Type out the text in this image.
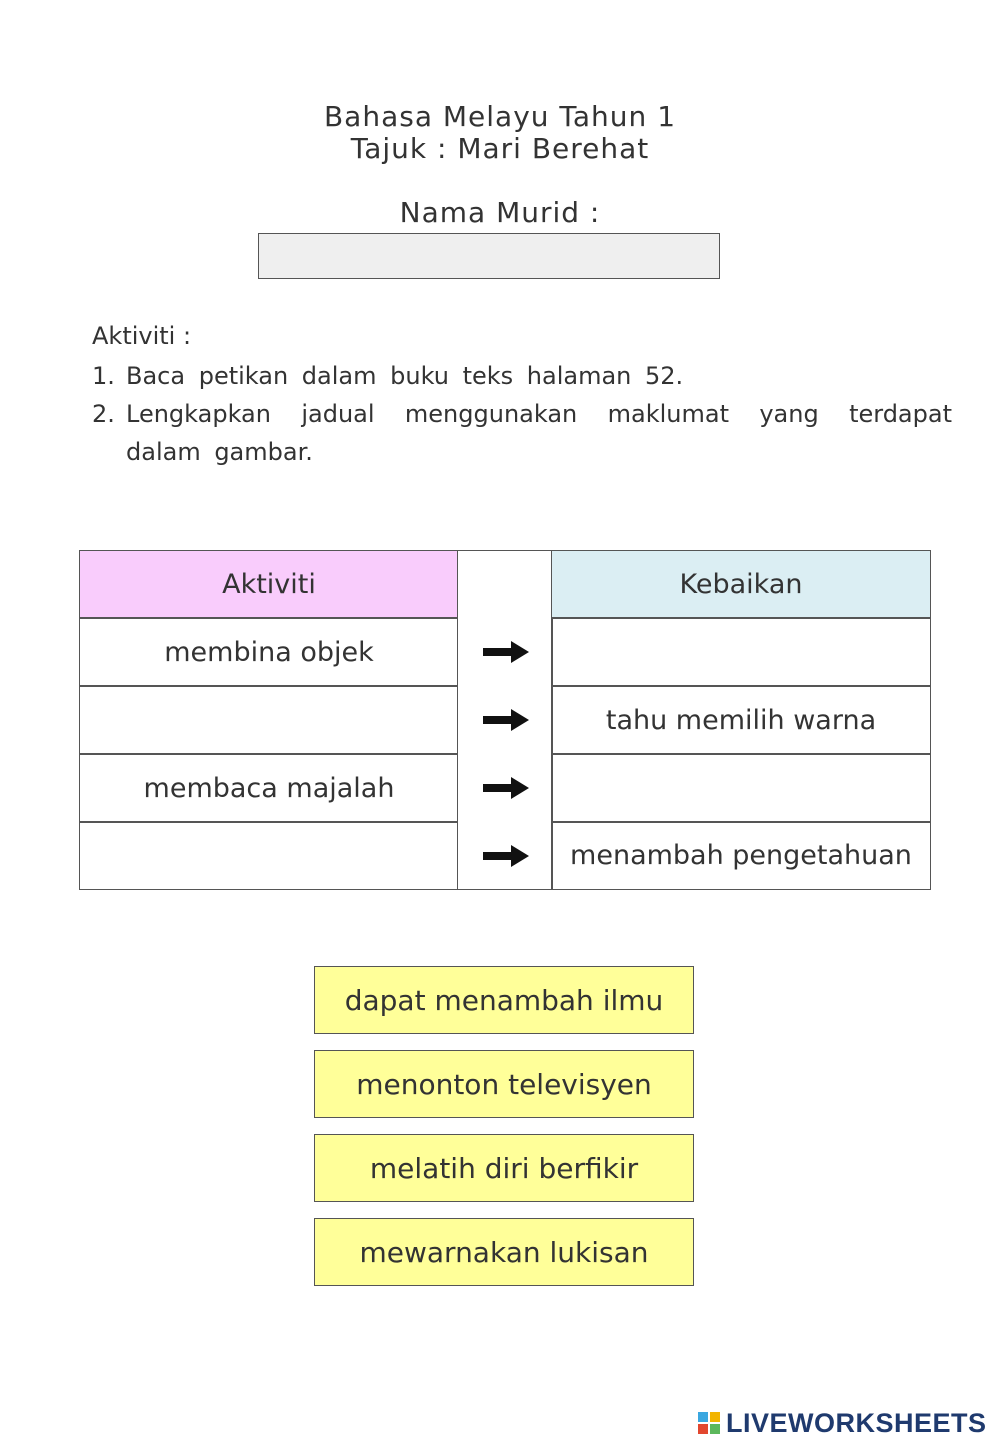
Bahasa Melayu Tahun 1
Tajuk : Mari Berehat
Nama Murid :
Aktiviti :
1. Baca petikan dalam buku teks halaman 52.
2. Lengkapkan jadual menggunakan maklumat yang terdapat dalam gambar.
Aktiviti
membina objek
membaca majalah
Kebaikan
tahu memilih warna
menambah pengetahuan
dapat menambah ilmu
menonton televisyen
melatih diri berfikir
mewarnakan lukisan
LIVEWORKSHEETS
